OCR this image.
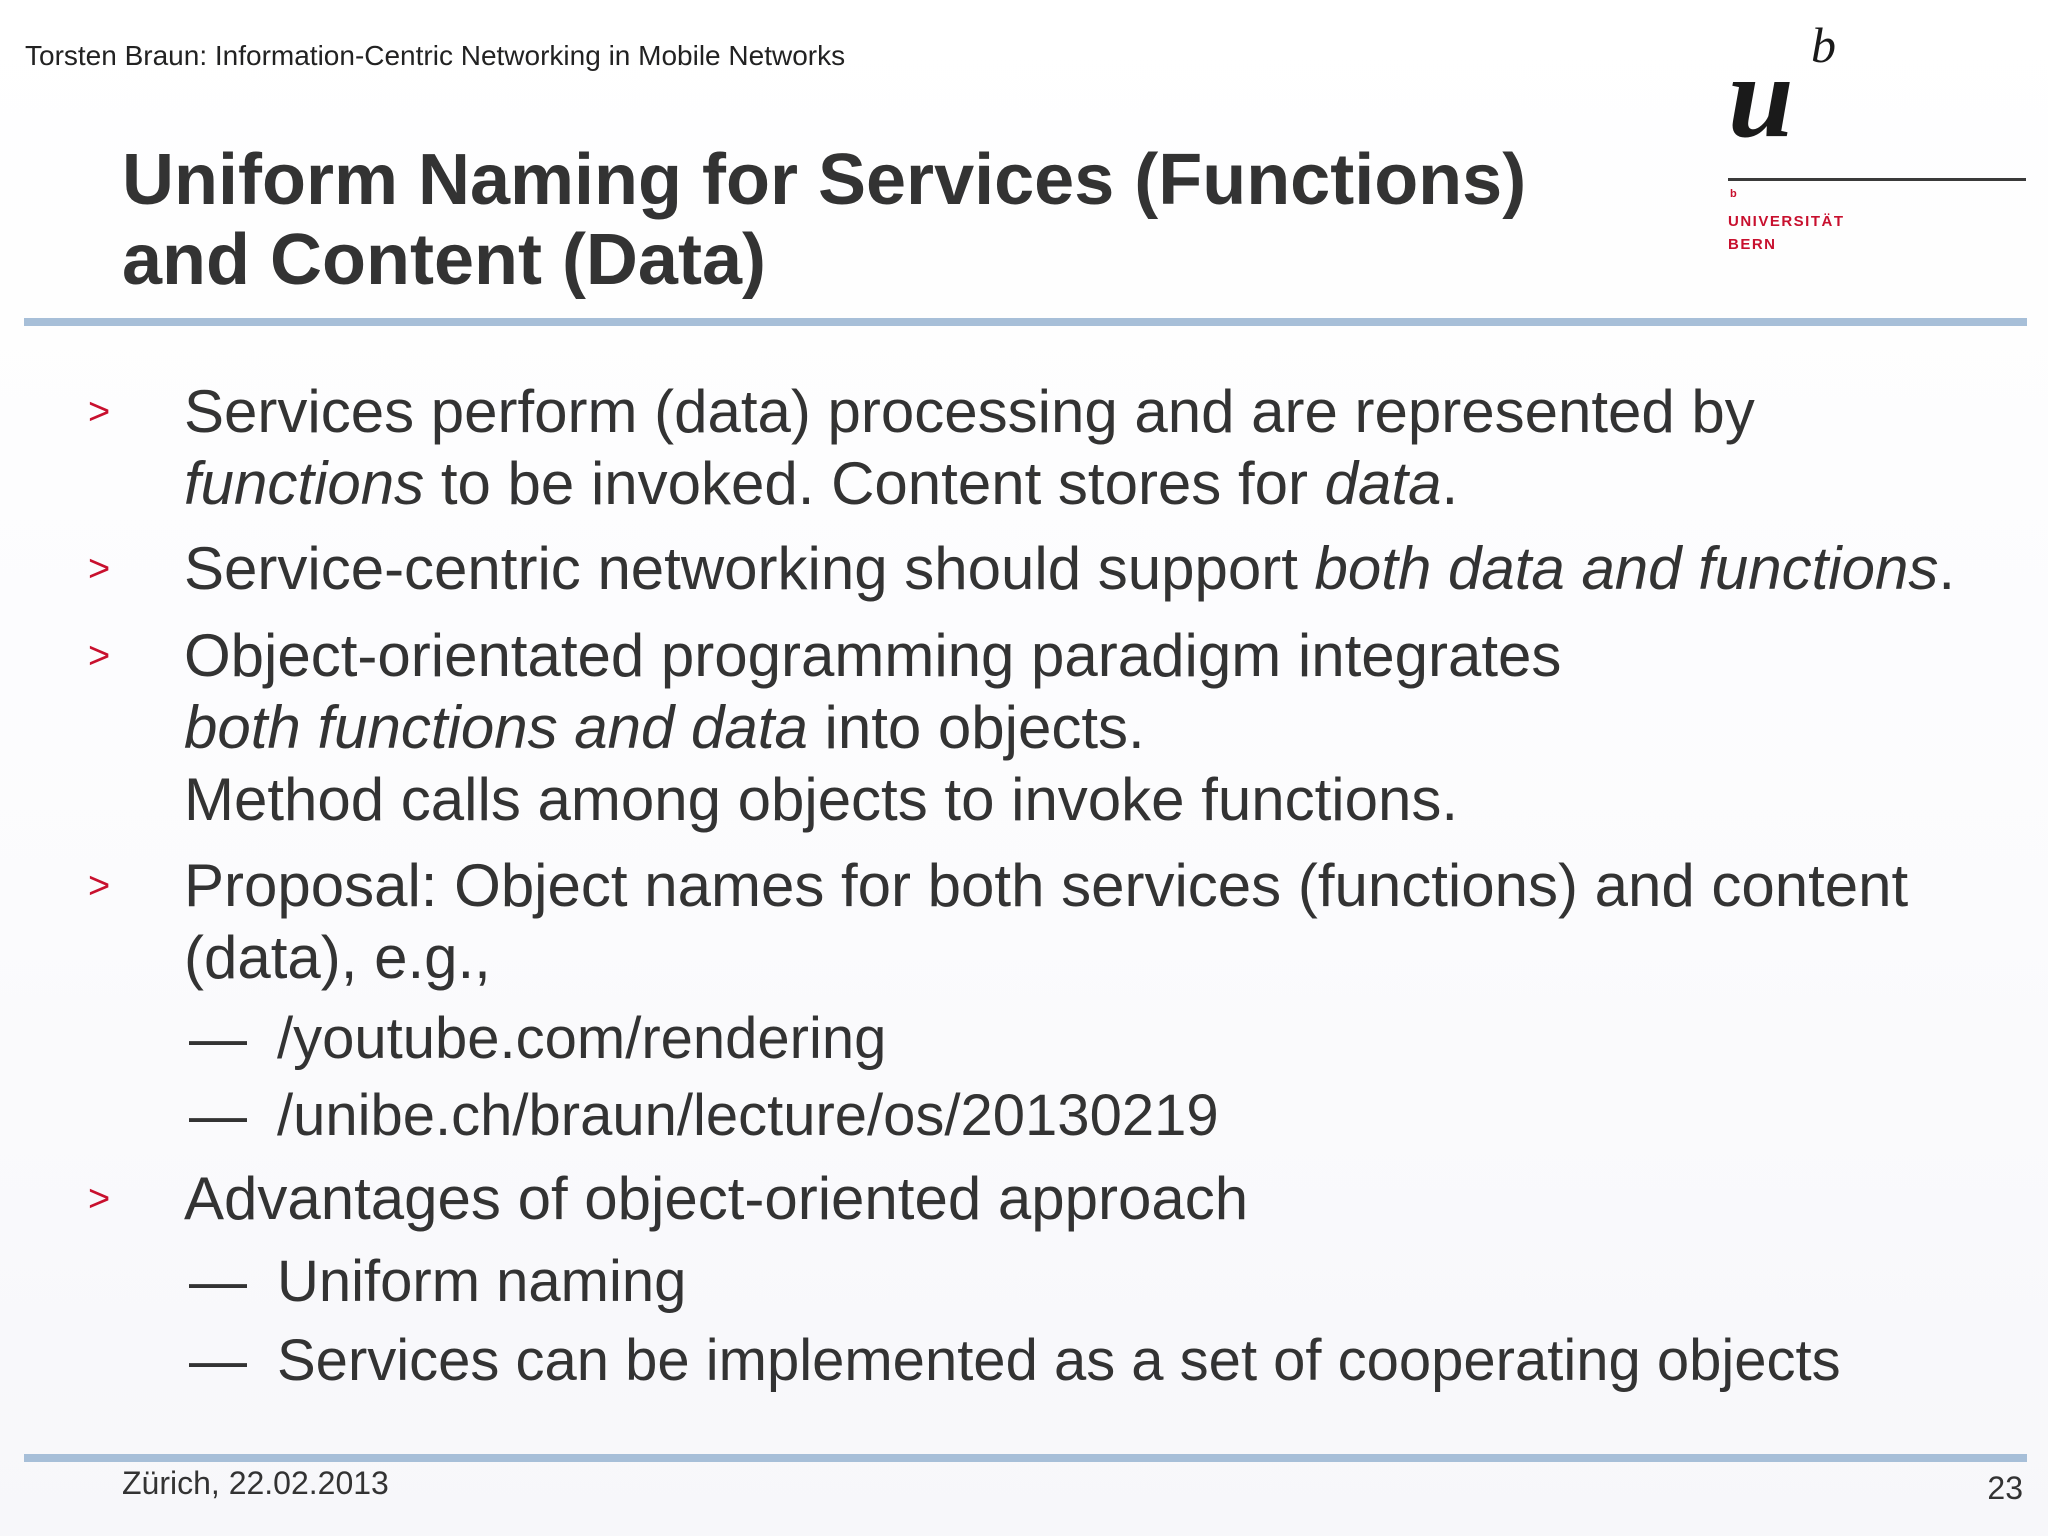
Torsten Braun: Information-Centric Networking in Mobile Networks	u b
b
UNIVERSITÄT
BERN
Uniform Naming for Services (Functions)
and Content (Data)
> Services perform (data) processing and are represented by
functions to be invoked. Content stores for data.
> Service-centric networking should support both data and functions.
> Object-orientated programming paradigm integrates
both functions and data into objects.
Method calls among objects to invoke functions.
> Proposal: Object names for both services (functions) and content
(data), e.g.,
— /youtube.com/rendering
— /unibe.ch/braun/lecture/os/20130219
> Advantages of object-oriented approach
— Uniform naming
— Services can be implemented as a set of cooperating objects
Zürich, 22.02.2013	23
